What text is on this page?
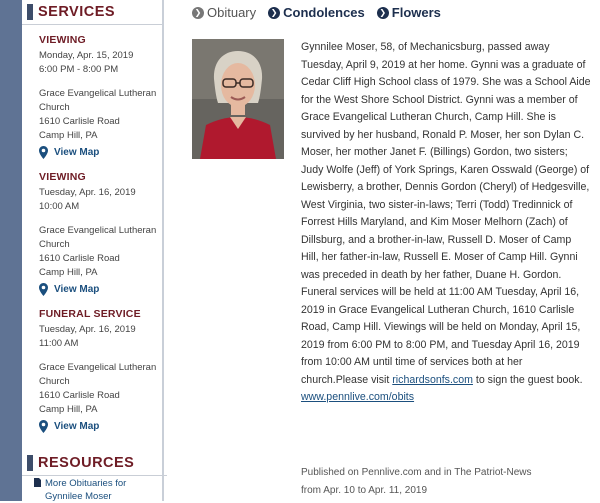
SERVICES
VIEWING
Monday, Apr. 15, 2019
6:00 PM - 8:00 PM
Grace Evangelical Lutheran Church
1610 Carlisle Road
Camp Hill, PA
View Map
VIEWING
Tuesday, Apr. 16, 2019
10:00 AM
Grace Evangelical Lutheran Church
1610 Carlisle Road
Camp Hill, PA
View Map
FUNERAL SERVICE
Tuesday, Apr. 16, 2019
11:00 AM
Grace Evangelical Lutheran Church
1610 Carlisle Road
Camp Hill, PA
View Map
RESOURCES
More Obituaries for Gynnilee Moser
❯ Obituary	❯ Condolences	❯ Flowers
Gynnilee Moser, 58, of Mechanicsburg, passed away Tuesday, April 9, 2019 at her home. Gynni was a graduate of Cedar Cliff High School class of 1979. She was a School Aide for the West Shore School District. Gynni was a member of Grace Evangelical Lutheran Church, Camp Hill. She is survived by her husband, Ronald P. Moser, her son Dylan C. Moser, her mother Janet F. (Billings) Gordon, two sisters; Judy Wolfe (Jeff) of York Springs, Karen Osswald (George) of Lewisberry, a brother, Dennis Gordon (Cheryl) of Hedgesville, West Virginia, two sister-in-laws; Terri (Todd) Tredinnick of Forrest Hills Maryland, and Kim Moser Melhorn (Zach) of Dillsburg, and a brother-in-law, Russell D. Moser of Camp Hill, her father-in-law, Russell E. Moser of Camp Hill. Gynni was preceded in death by her father, Duane H. Gordon. Funeral services will be held at 11:00 AM Tuesday, April 16, 2019 in Grace Evangelical Lutheran Church, 1610 Carlisle Road, Camp Hill. Viewings will be held on Monday, April 15, 2019 from 6:00 PM to 8:00 PM, and Tuesday April 16, 2019 from 10:00 AM until time of services both at her church.Please visit richardsonfs.com to sign the guest book. www.pennlive.com/obits
Published on Pennlive.com and in The Patriot-News
from Apr. 10 to Apr. 11, 2019
